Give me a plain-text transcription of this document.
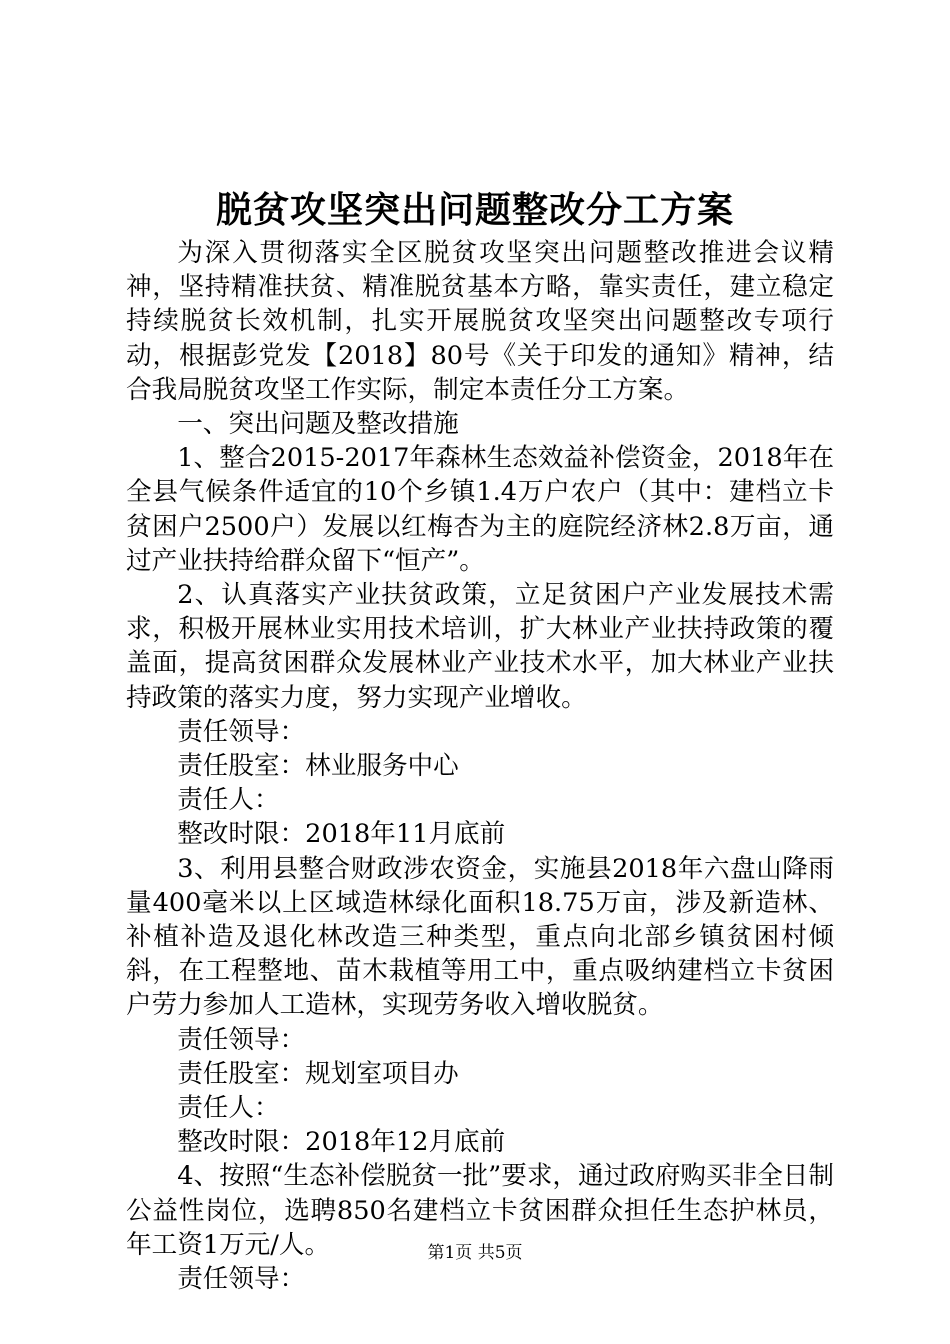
脱贫攻坚突出问题整改分工方案

为深入贯彻落实全区脱贫攻坚突出问题整改推进会议精神，坚持精准扶贫、精准脱贫基本方略，靠实责任，建立稳定持续脱贫长效机制，扎实开展脱贫攻坚突出问题整改专项行动，根据彭党发【2018】80号《关于印发的通知》精神，结合我局脱贫攻坚工作实际，制定本责任分工方案。

一、突出问题及整改措施

1、整合2015-2017年森林生态效益补偿资金，2018年在全县气候条件适宜的10个乡镇1.4万户农户（其中：建档立卡贫困户2500户）发展以红梅杏为主的庭院经济林2.8万亩，通过产业扶持给群众留下“恒产”。

2、认真落实产业扶贫政策，立足贫困户产业发展技术需求，积极开展林业实用技术培训，扩大林业产业扶持政策的覆盖面，提高贫困群众发展林业产业技术水平，加大林业产业扶持政策的落实力度，努力实现产业增收。

责任领导：

责任股室：林业服务中心

责任人：

整改时限：2018年11月底前

3、利用县整合财政涉农资金，实施县2018年六盘山降雨量400毫米以上区域造林绿化面积18.75万亩，涉及新造林、补植补造及退化林改造三种类型，重点向北部乡镇贫困村倾斜，在工程整地、苗木栽植等用工中，重点吸纳建档立卡贫困户劳力参加人工造林，实现劳务收入增收脱贫。

责任领导：

责任股室：规划室项目办

责任人：

整改时限：2018年12月底前

4、按照“生态补偿脱贫一批”要求，通过政府购买非全日制公益性岗位，选聘850名建档立卡贫困群众担任生态护林员，年工资1万元/人。

责任领导：

第1页 共5页
